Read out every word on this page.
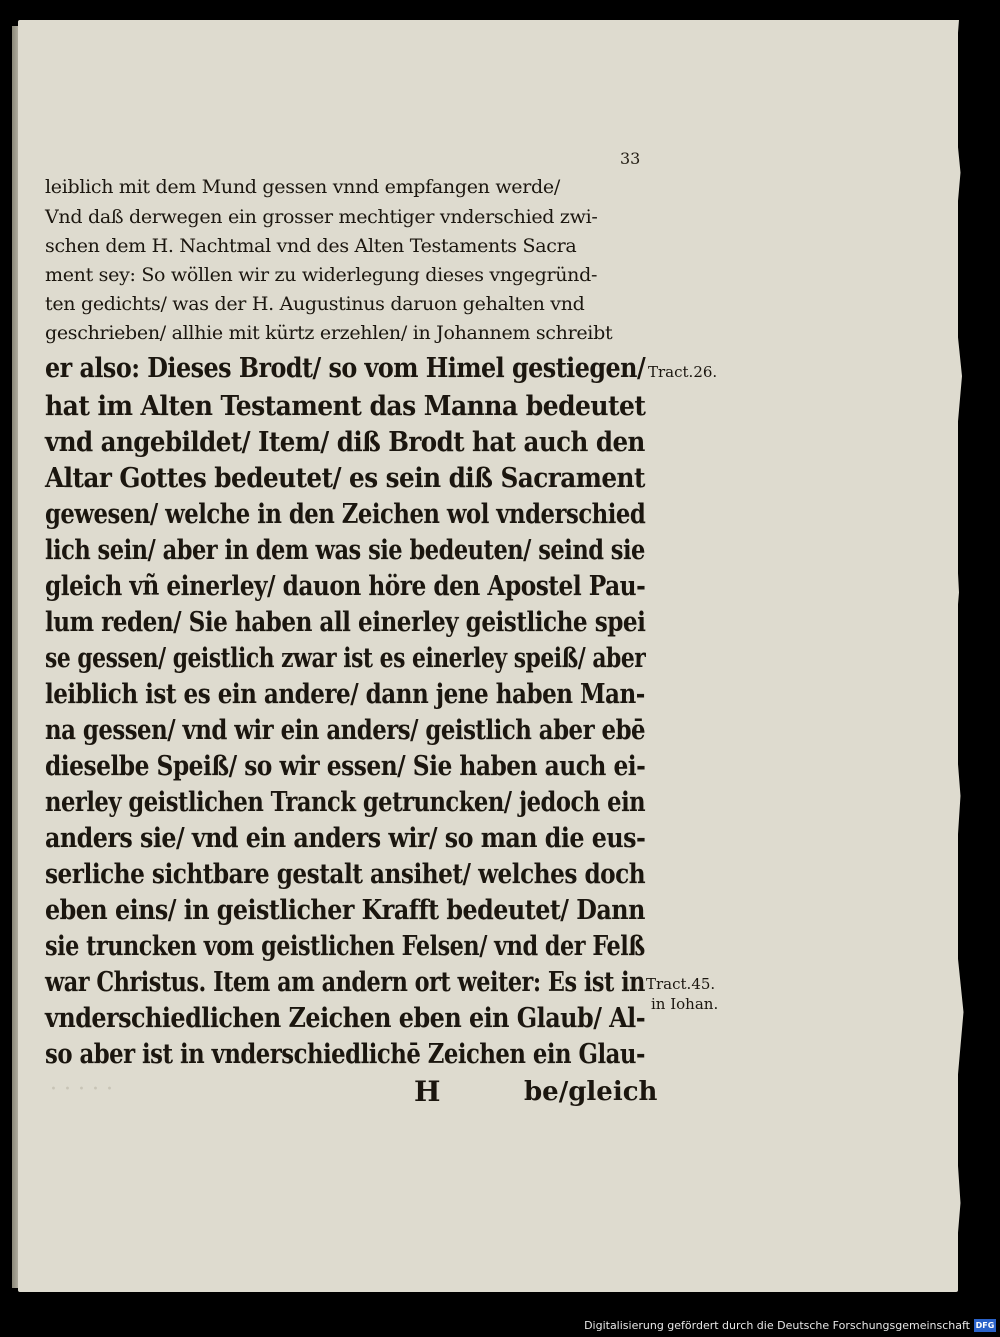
33
leiblich mit dem Mund gessen vnnd empfangen werde/
Vnd daß derwegen ein grosser mechtiger vnderschied zwi-
schen dem H. Nachtmal vnd des Alten Testaments Sacra
ment sey: So wöllen wir zu widerlegung dieses vngegründ-
ten gedichts/ was der H. Augustinus daruon gehalten vnd
geschrieben/ allhie mit kürtz erzehlen/ in Johannem schreibt
er also: Dieses Brodt/ so vom Himel gestiegen/
hat im Alten Testament das Manna bedeutet
vnd angebildet/ Item/ diß Brodt hat auch den
Altar Gottes bedeutet/ es sein diß Sacrament
gewesen/ welche in den Zeichen wol vnderschied
lich sein/ aber in dem was sie bedeuten/ seind sie
gleich vñ einerley/ dauon höre den Apostel Pau-
lum reden/ Sie haben all einerley geistliche spei
se gessen/ geistlich zwar ist es einerley speiß/ aber
leiblich ist es ein andere/ dann jene haben Man-
na gessen/ vnd wir ein anders/ geistlich aber ebē
dieselbe Speiß/ so wir essen/ Sie haben auch ei-
nerley geistlichen Tranck getruncken/ jedoch ein
anders sie/ vnd ein anders wir/ so man die eus-
serliche sichtbare gestalt ansihet/ welches doch
eben eins/ in geistlicher Krafft bedeutet/ Dann
sie truncken vom geistlichen Felsen/ vnd der Felß
war Christus. Item am andern ort weiter: Es ist in
vnderschiedlichen Zeichen eben ein Glaub/ Al-
so aber ist in vnderschiedlichē Zeichen ein Glau-
Tract.26.
Tract.45.
in Iohan.
· · · · ·	H	be/gleich
Digitalisierung gefördert durch die Deutsche Forschungsgemeinschaft DFG
